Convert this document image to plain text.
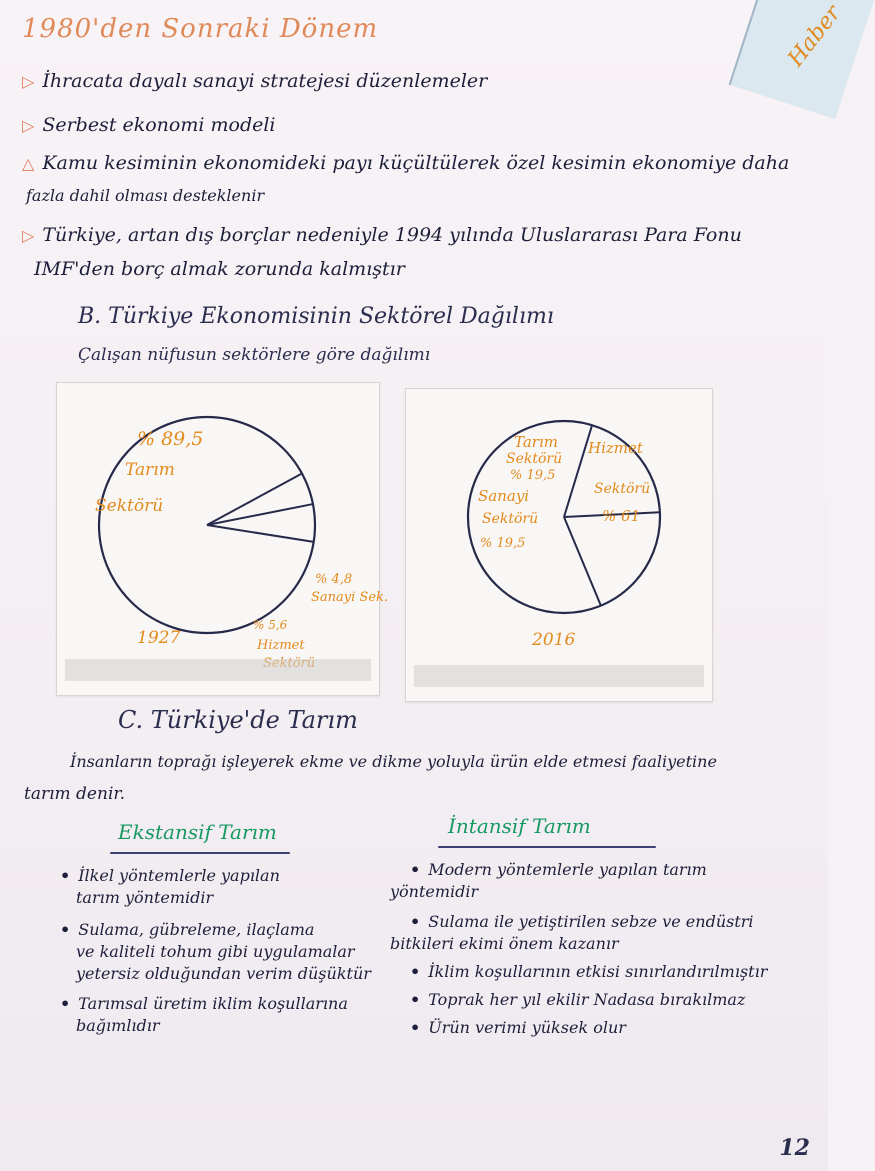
Haber
1980'den Sonraki Dönem
▷ İhracata dayalı sanayi stratejesi düzenlemeler
▷ Serbest ekonomi modeli
△ Kamu kesiminin ekonomideki payı küçültülerek özel kesimin ekonomiye daha
fazla dahil olması desteklenir
▷ Türkiye, artan dış borçlar nedeniyle 1994 yılında Uluslararası Para Fonu
IMF'den borç almak zorunda kalmıştır
B. Türkiye Ekonomisinin Sektörel Dağılımı
Çalışan nüfusun sektörlere göre dağılımı
% 89,5
Tarım
Sektörü
% 4,8
Sanayi Sek.
% 5,6
Hizmet
1927
Tarım
Sektörü
% 19,5
Sanayi
Sektörü
% 19,5
Hizmet
Sektörü
% 61
2016
C. Türkiye'de Tarım
İnsanların toprağı işleyerek ekme ve dikme yoluyla ürün elde etmesi faaliyetine
tarım denir.
Ekstansif Tarım	İntansif Tarım
• İlkel yöntemlerle yapılan
tarım yöntemidir
• Sulama, gübreleme, ilaçlama
ve kaliteli tohum gibi uygulamalar
yetersiz olduğundan verim düşüktür
• Tarımsal üretim iklim koşullarına
bağımlıdır
• Modern yöntemlerle yapılan tarım
yöntemidir
• Sulama ile yetiştirilen sebze ve endüstri
bitkileri ekimi önem kazanır
• İklim koşullarının etkisi sınırlandırılmıştır
• Toprak her yıl ekilir Nadasa bırakılmaz
• Ürün verimi yüksek olur
12
